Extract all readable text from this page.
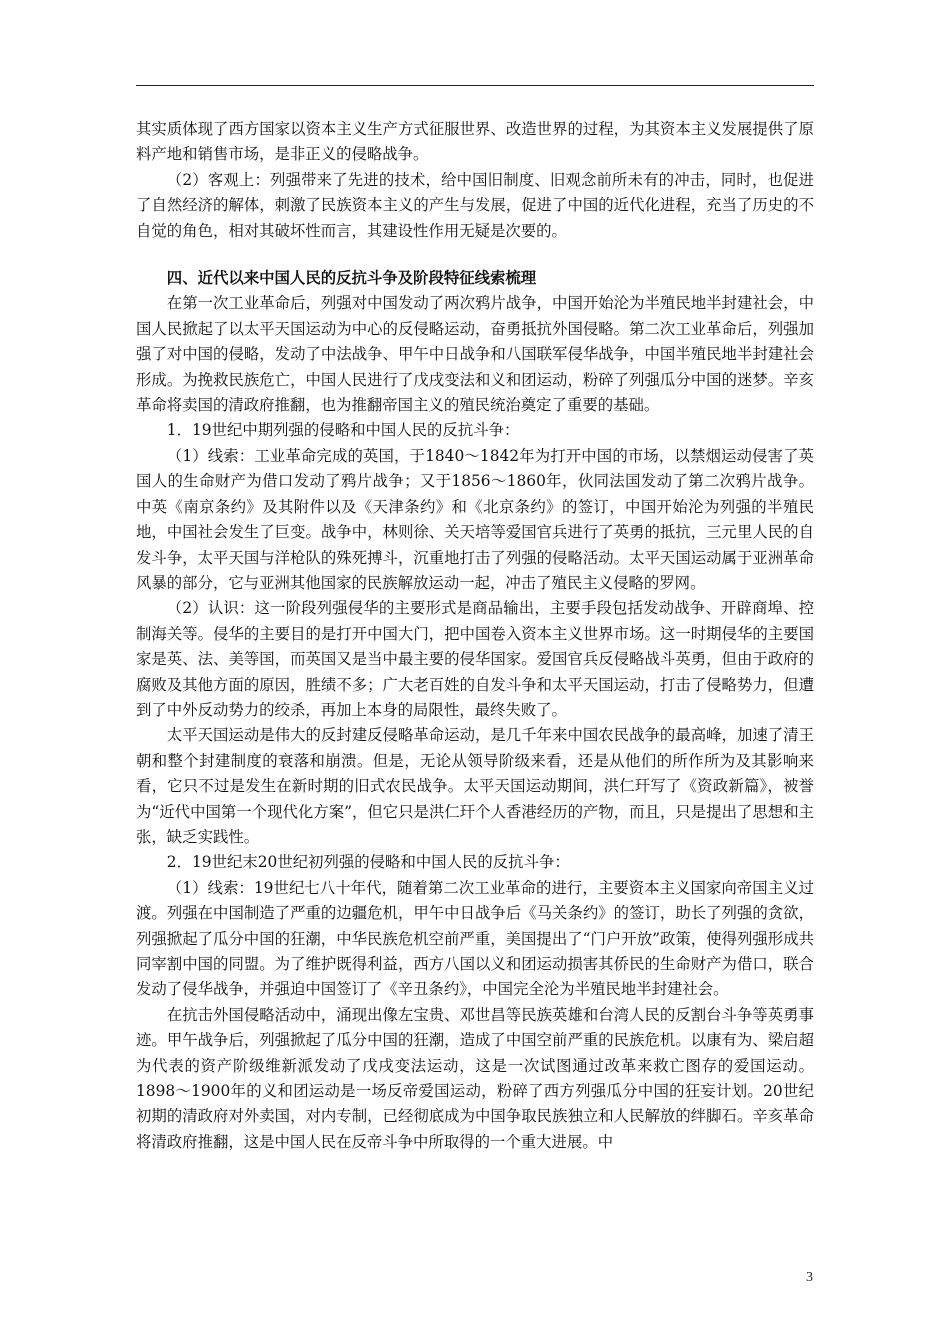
其实质体现了西方国家以资本主义生产方式征服世界、改造世界的过程，为其资本主义发展提供了原料产地和销售市场，是非正义的侵略战争。

（2）客观上：列强带来了先进的技术，给中国旧制度、旧观念前所未有的冲击，同时，也促进了自然经济的解体，刺激了民族资本主义的产生与发展，促进了中国的近代化进程，充当了历史的不自觉的角色，相对其破坏性而言，其建设性作用无疑是次要的。

四、近代以来中国人民的反抗斗争及阶段特征线索梳理

在第一次工业革命后，列强对中国发动了两次鸦片战争，中国开始沦为半殖民地半封建社会，中国人民掀起了以太平天国运动为中心的反侵略运动，奋勇抵抗外国侵略。第二次工业革命后，列强加强了对中国的侵略，发动了中法战争、甲午中日战争和八国联军侵华战争，中国半殖民地半封建社会形成。为挽救民族危亡，中国人民进行了戊戌变法和义和团运动，粉碎了列强瓜分中国的迷梦。辛亥革命将卖国的清政府推翻，也为推翻帝国主义的殖民统治奠定了重要的基础。

1．19世纪中期列强的侵略和中国人民的反抗斗争：

（1）线索：工业革命完成的英国，于1840～1842年为打开中国的市场，以禁烟运动侵害了英国人的生命财产为借口发动了鸦片战争；又于1856～1860年，伙同法国发动了第二次鸦片战争。中英《南京条约》及其附件以及《天津条约》和《北京条约》的签订，中国开始沦为列强的半殖民地，中国社会发生了巨变。战争中，林则徐、关天培等爱国官兵进行了英勇的抵抗，三元里人民的自发斗争，太平天国与洋枪队的殊死搏斗，沉重地打击了列强的侵略活动。太平天国运动属于亚洲革命风暴的部分，它与亚洲其他国家的民族解放运动一起，冲击了殖民主义侵略的罗网。

（2）认识：这一阶段列强侵华的主要形式是商品输出，主要手段包括发动战争、开辟商埠、控制海关等。侵华的主要目的是打开中国大门，把中国卷入资本主义世界市场。这一时期侵华的主要国家是英、法、美等国，而英国又是当中最主要的侵华国家。爱国官兵反侵略战斗英勇，但由于政府的腐败及其他方面的原因，胜绩不多；广大老百姓的自发斗争和太平天国运动，打击了侵略势力，但遭到了中外反动势力的绞杀，再加上本身的局限性，最终失败了。

太平天国运动是伟大的反封建反侵略革命运动，是几千年来中国农民战争的最高峰，加速了清王朝和整个封建制度的衰落和崩溃。但是，无论从领导阶级来看，还是从他们的所作所为及其影响来看，它只不过是发生在新时期的旧式农民战争。太平天国运动期间，洪仁玕写了《资政新篇》，被誉为“近代中国第一个现代化方案”，但它只是洪仁玕个人香港经历的产物，而且，只是提出了思想和主张，缺乏实践性。

2．19世纪末20世纪初列强的侵略和中国人民的反抗斗争：

（1）线索：19世纪七八十年代，随着第二次工业革命的进行，主要资本主义国家向帝国主义过渡。列强在中国制造了严重的边疆危机，甲午中日战争后《马关条约》的签订，助长了列强的贪欲，列强掀起了瓜分中国的狂潮，中华民族危机空前严重，美国提出了“门户开放”政策，使得列强形成共同宰割中国的同盟。为了维护既得利益，西方八国以义和团运动损害其侨民的生命财产为借口，联合发动了侵华战争，并强迫中国签订了《辛丑条约》，中国完全沦为半殖民地半封建社会。

在抗击外国侵略活动中，涌现出像左宝贵、邓世昌等民族英雄和台湾人民的反割台斗争等英勇事迹。甲午战争后，列强掀起了瓜分中国的狂潮，造成了中国空前严重的民族危机。以康有为、梁启超为代表的资产阶级维新派发动了戊戌变法运动，这是一次试图通过改革来救亡图存的爱国运动。1898～1900年的义和团运动是一场反帝爱国运动，粉碎了西方列强瓜分中国的狂妄计划。20世纪初期的清政府对外卖国，对内专制，已经彻底成为中国争取民族独立和人民解放的绊脚石。辛亥革命将清政府推翻，这是中国人民在反帝斗争中所取得的一个重大进展。中

3
